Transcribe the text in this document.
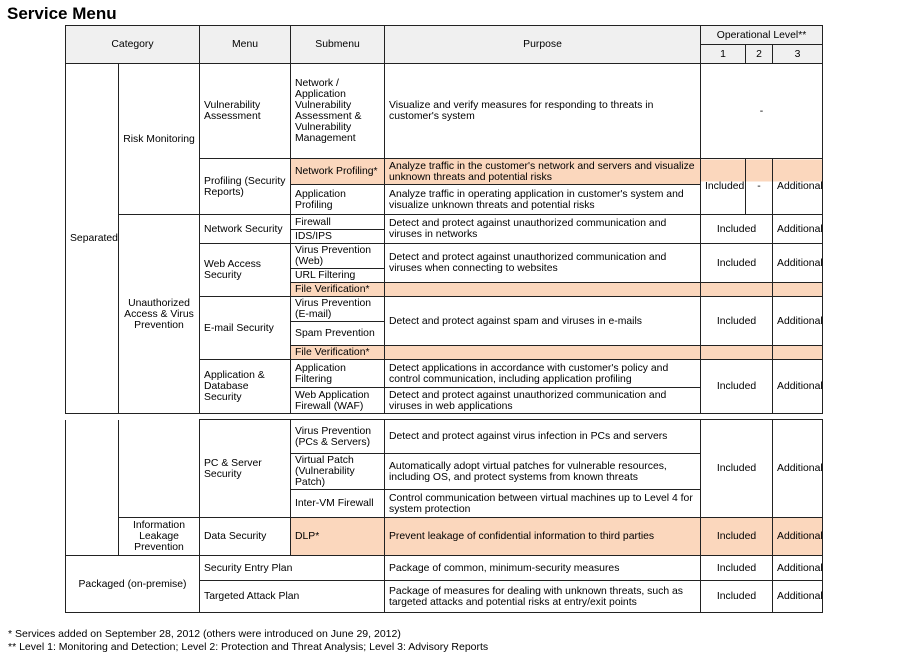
Service Menu
Category		Menu	Submenu	Purpose	Operational Level**		
					1	2	3
Separated	Risk Monitoring	Vulnerability Assessment	Network / Application Vulnerability Assessment & Vulnerability Management	Visualize and verify measures for responding to threats in customer's system	-		
		Profiling (Security Reports)	Network Profiling*	Analyze traffic in the customer's network and servers and visualize unknown threats and potential risks	Included	-	Additional
			Application Profiling	Analyze traffic in operating application in customer's system and visualize unknown threats and potential risks			
	Unauthorized Access & Virus Prevention	Network Security	Firewall	Detect and protect against unauthorized communication and viruses in networks	Included		Additional
			IDS/IPS				
		Web Access Security	Virus Prevention (Web)	Detect and protect against unauthorized communication and viruses when connecting to websites	Included		Additional
			URL Filtering				
			File Verification*				
		E-mail Security	Virus Prevention (E-mail)	Detect and protect against spam and viruses in e-mails	Included		Additional
			Spam Prevention				
			File Verification*				
		Application & Database Security	Application Filtering	Detect applications in accordance with customer's policy and control communication, including application profiling	Included		Additional
			Web Application Firewall (WAF)	Detect and protect against unauthorized communication and viruses in web applications			
		PC & Server Security	Virus Prevention (PCs & Servers)	Detect and protect against virus infection in PCs and servers	Included	Additional
			Virtual Patch (Vulnerability Patch)	Automatically adopt virtual patches for vulnerable resources, including OS, and protect systems from known threats		
			Inter-VM Firewall	Control communication between virtual machines up to Level 4 for system protection		
	Information Leakage Prevention	Data Security	DLP*	Prevent leakage of confidential information to third parties	Included	Additional
Packaged (on-premise)		Security Entry Plan		Package of common, minimum-security measures	Included	Additional
		Targeted Attack Plan		Package of measures for dealing with unknown threats, such as targeted attacks and potential risks at entry/exit points	Included	Additional
* Services added on September 28, 2012 (others were introduced on June 29, 2012)
** Level 1: Monitoring and Detection; Level 2: Protection and Threat Analysis; Level 3: Advisory Reports
